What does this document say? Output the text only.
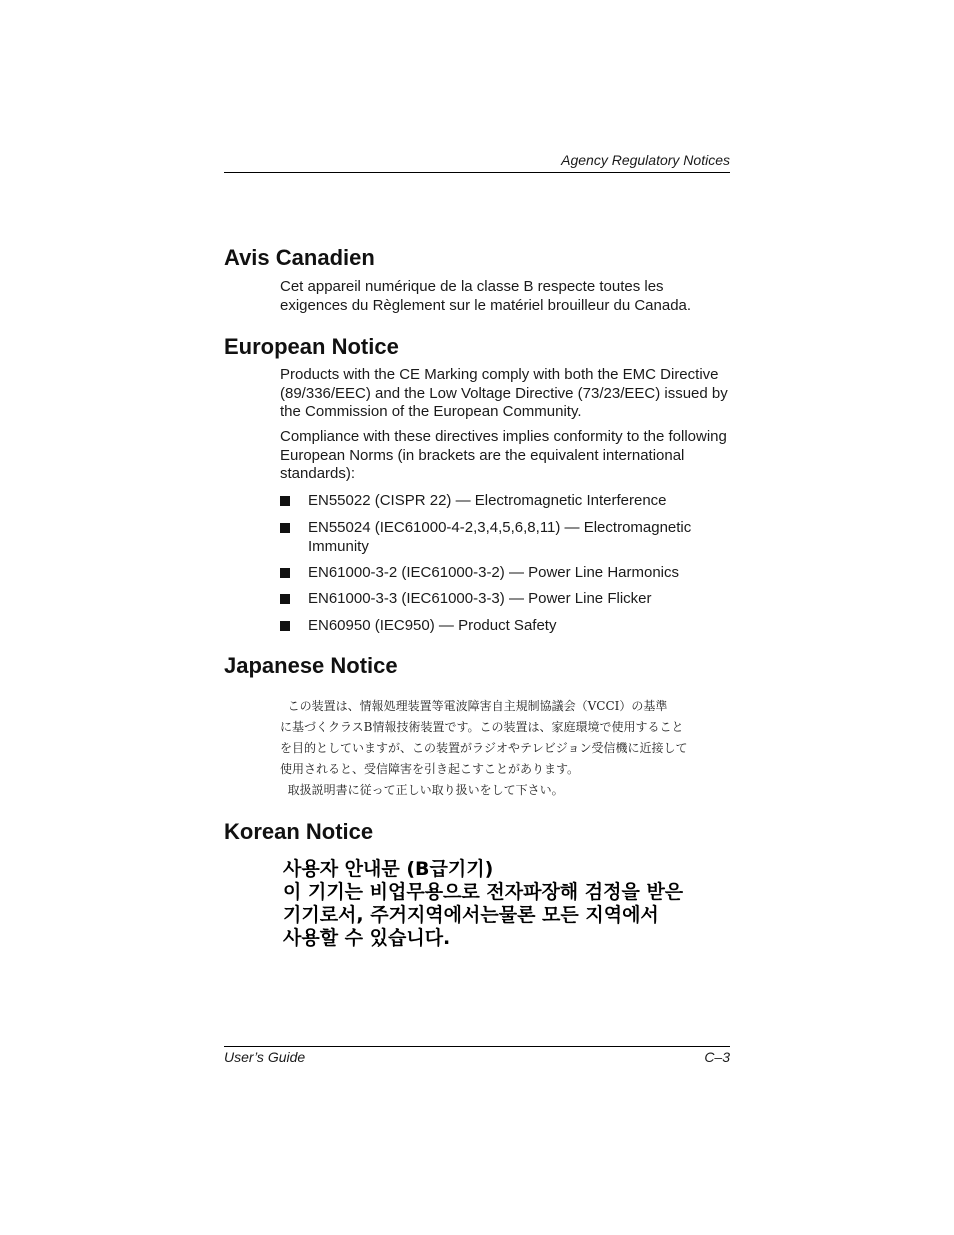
Agency Regulatory Notices
Avis Canadien

Cet appareil numérique de la classe B respecte toutes les exigences du Règlement sur le matériel brouilleur du Canada.

European Notice

Products with the CE Marking comply with both the EMC Directive (89/336/EEC) and the Low Voltage Directive (73/23/EEC) issued by the Commission of the European Community.

Compliance with these directives implies conformity to the following European Norms (in brackets are the equivalent international standards):

EN55022 (CISPR 22) — Electromagnetic Interference
EN55024 (IEC61000-4-2,3,4,5,6,8,11) — Electromagnetic Immunity
EN61000-3-2 (IEC61000-3-2) — Power Line Harmonics
EN61000-3-3 (IEC61000-3-3) — Power Line Flicker
EN60950 (IEC950) — Product Safety
Japanese Notice
この装置は、情報処理装置等電波障害自主規制協議会（VCCI）の基準
に基づくクラスB情報技術装置です。この装置は、家庭環境で使用すること
を目的としていますが、この装置がラジオやテレビジョン受信機に近接して
使用されると、受信障害を引き起こすことがあります。
取扱説明書に従って正しい取り扱いをして下さい。
Korean Notice
사용자 안내문 (B급기기)
이 기기는 비업무용으로 전자파장해 검정을 받은
기기로서, 주거지역에서는물론 모든 지역에서
사용할 수 있습니다.
User’s Guide	C–3
